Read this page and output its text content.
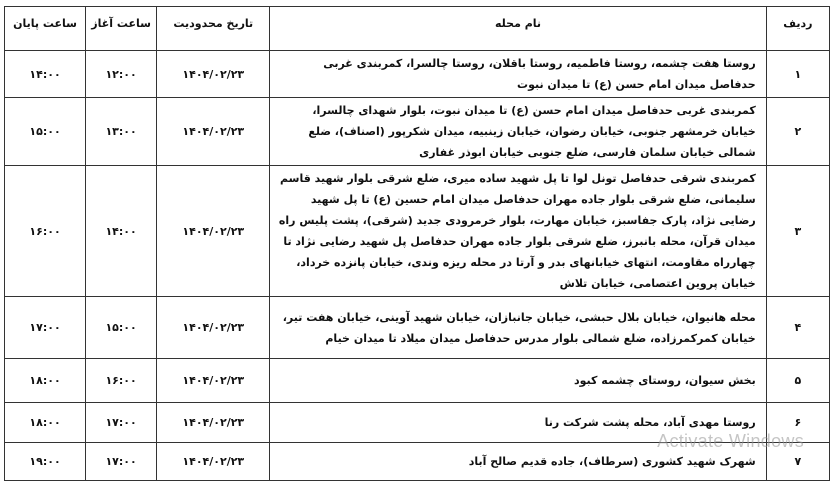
ردیف	نام محله	تاریخ محدودیت	ساعت آغاز	ساعت پایان
۱	روستا هفت چشمه، روستا فاطمیه، روستا باقلان، روستا چالسرا، کمربندی غربی حدفاصل میدان امام حسن (ع) تا میدان نبوت	۱۴۰۴/۰۲/۲۳	۱۲:۰۰	۱۴:۰۰
۲	کمربندی غربی حدفاصل میدان امام حسن (ع) تا میدان نبوت، بلوار شهدای چالسرا، خیابان خرمشهر جنوبی، خیابان رضوان، خیابان زینبیه، میدان شکرپور (اصناف)، ضلع شمالی خیابان سلمان فارسی، ضلع جنوبی خیابان ابوذر غفاری	۱۴۰۴/۰۲/۲۳	۱۳:۰۰	۱۵:۰۰
۳	کمربندی شرقی حدفاصل تونل لوا تا پل شهید ساده میری، ضلع شرقی بلوار شهید قاسم سلیمانی، ضلع شرقی بلوار جاده مهران حدفاصل میدان امام حسین (ع) تا پل شهید رضایی نژاد، پارک جفاسبز، خیابان مهارت، بلوار خرمرودی جدید (شرقی)، پشت پلیس راه میدان قرآن، محله بانبرز، ضلع شرقی بلوار جاده مهران حدفاصل پل شهید رضایی نژاد تا چهارراه مقاومت، انتهای خیابانهای بدر و آرتا در محله ریزه وندی، خیابان پانزده خرداد، خیابان پروین اعتصامی، خیابان تلاش	۱۴۰۴/۰۲/۲۳	۱۴:۰۰	۱۶:۰۰
۴	محله هانیوان، خیابان بلال حبشی، خیابان جانبازان، خیابان شهید آوینی، خیابان هفت تیر، خیابان کمرکمرزاده، ضلع شمالی بلوار مدرس حدفاصل میدان میلاد تا میدان خیام	۱۴۰۴/۰۲/۲۳	۱۵:۰۰	۱۷:۰۰
۵	بخش سیوان، روستای چشمه کبود	۱۴۰۴/۰۲/۲۳	۱۶:۰۰	۱۸:۰۰
۶	روستا مهدی آباد، محله پشت شرکت رنا	۱۴۰۴/۰۲/۲۳	۱۷:۰۰	۱۸:۰۰
۷	شهرک شهید کشوری (سرطاف)، جاده قدیم صالح آباد	۱۴۰۴/۰۲/۲۳	۱۷:۰۰	۱۹:۰۰
Activate Windows
